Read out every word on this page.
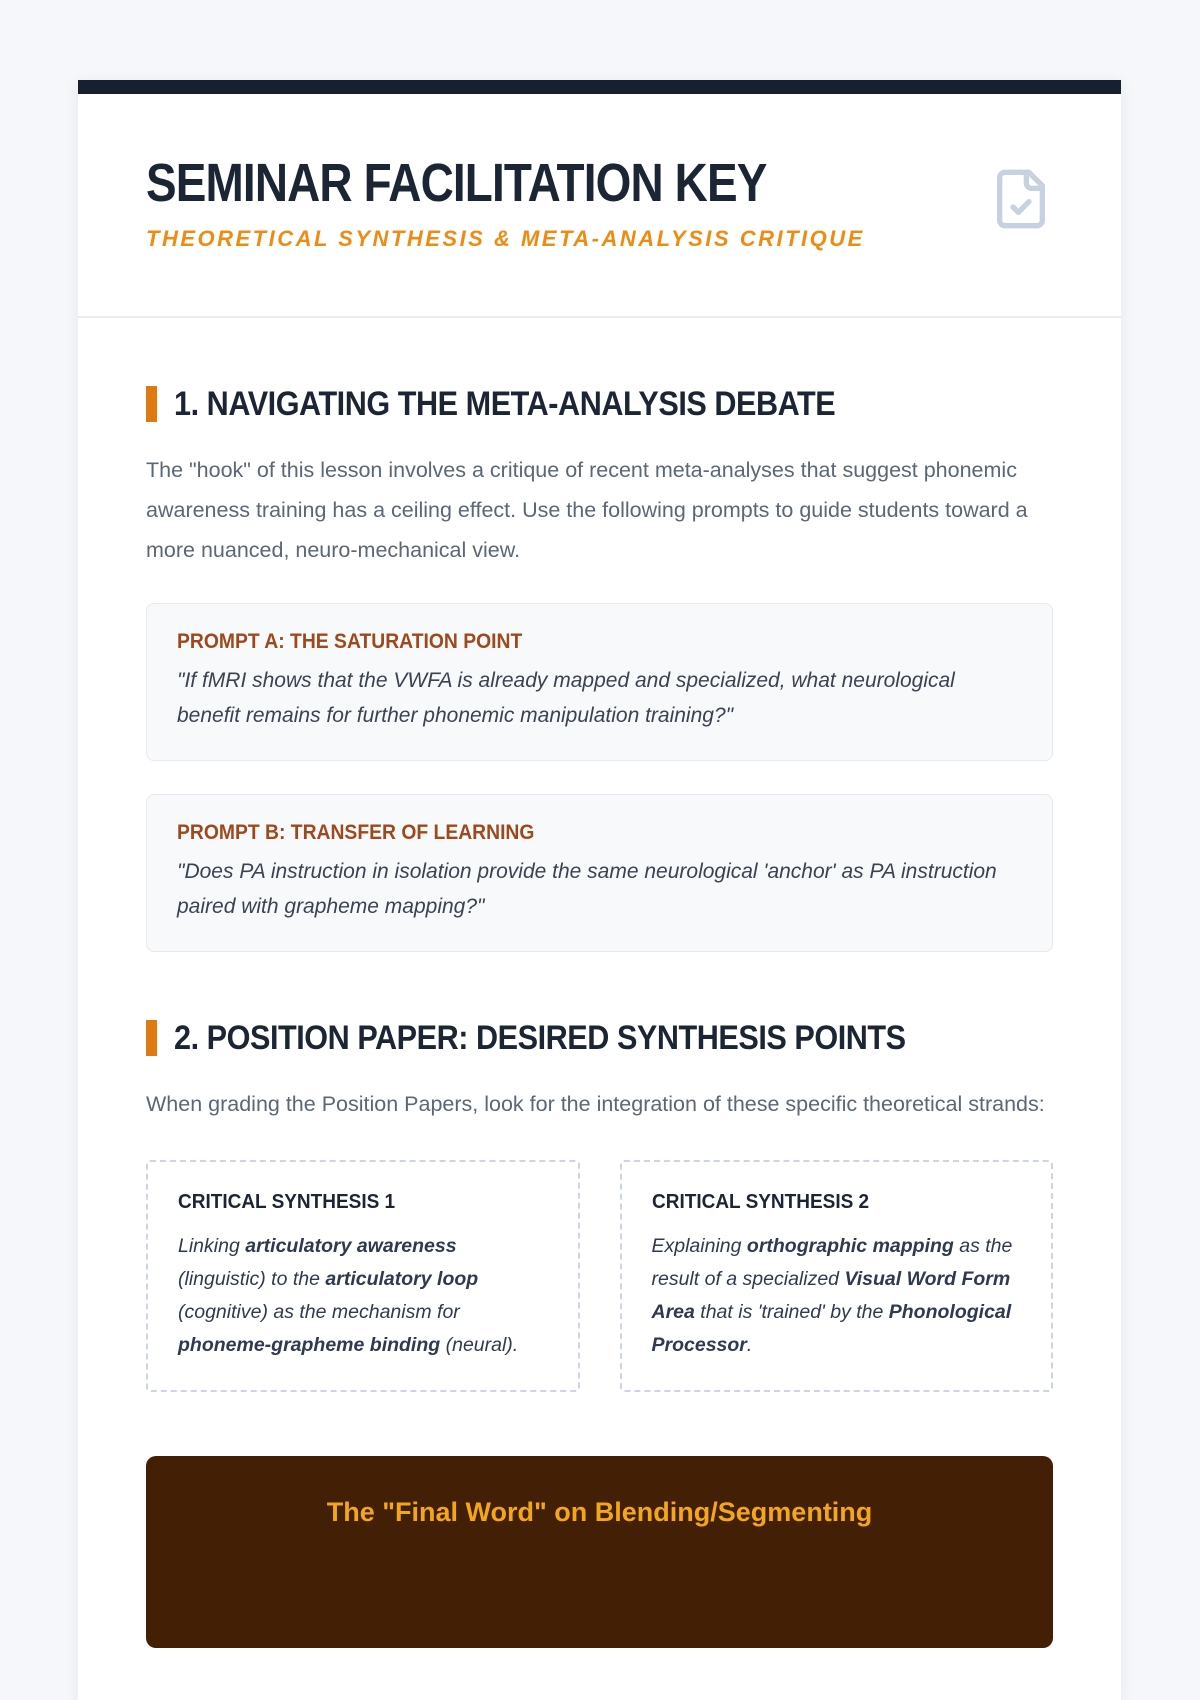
SEMINAR FACILITATION KEY
THEORETICAL SYNTHESIS & META-ANALYSIS CRITIQUE
1. NAVIGATING THE META-ANALYSIS DEBATE

The "hook" of this lesson involves a critique of recent meta-analyses that suggest phonemic awareness training has a ceiling effect. Use the following prompts to guide students toward a more nuanced, neuro-mechanical view.

PROMPT A: THE SATURATION POINT
"If fMRI shows that the VWFA is already mapped and specialized, what neurological benefit remains for further phonemic manipulation training?"
PROMPT B: TRANSFER OF LEARNING
"Does PA instruction in isolation provide the same neurological 'anchor' as PA instruction paired with grapheme mapping?"
2. POSITION PAPER: DESIRED SYNTHESIS POINTS

When grading the Position Papers, look for the integration of these specific theoretical strands:

CRITICAL SYNTHESIS 1
Linking articulatory awareness (linguistic) to the articulatory loop (cognitive) as the mechanism for phoneme-grapheme binding (neural).
CRITICAL SYNTHESIS 2
Explaining orthographic mapping as the result of a specialized Visual Word Form Area that is 'trained' by the Phonological Processor.
The "Final Word" on Blending/Segmenting
